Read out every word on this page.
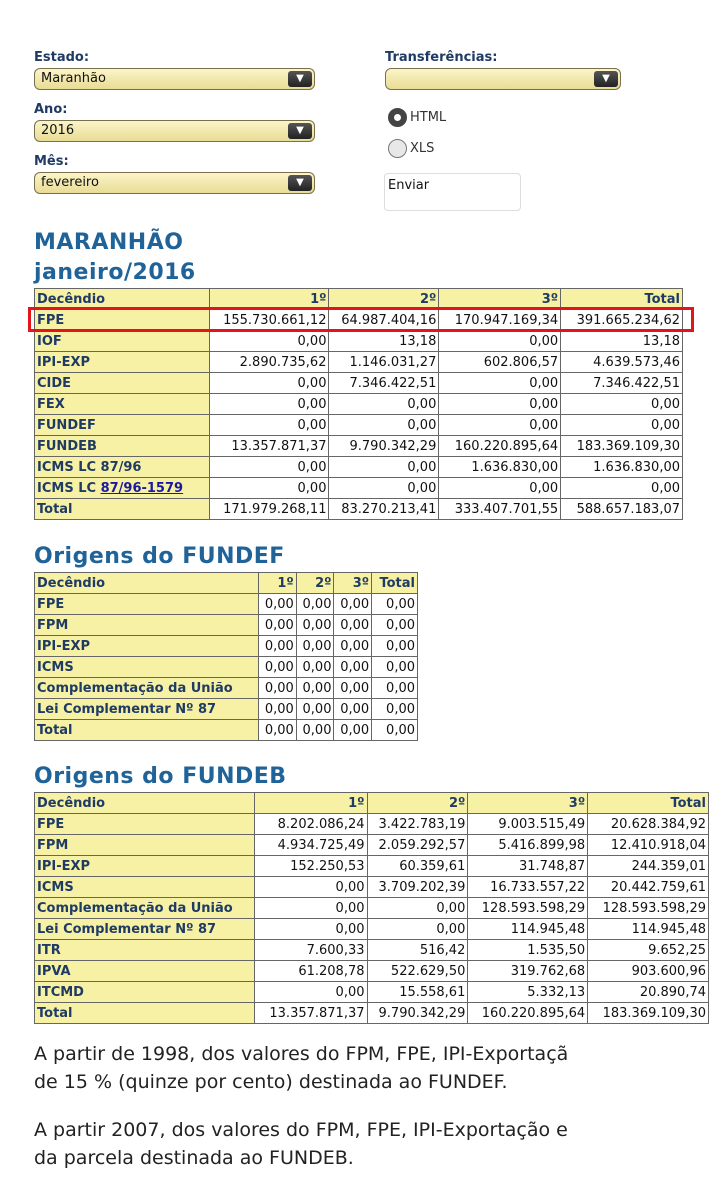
Estado:
Maranhão	▼
Ano:
2016	▼
Mês:
fevereiro	▼
Transferências:
▼
HTML
XLS
Enviar
MARANHÃO
janeiro/2016
Decêndio	1º	2º	3º	Total
FPE	155.730.661,12	64.987.404,16	170.947.169,34	391.665.234,62
IOF	0,00	13,18	0,00	13,18
IPI-EXP	2.890.735,62	1.146.031,27	602.806,57	4.639.573,46
CIDE	0,00	7.346.422,51	0,00	7.346.422,51
FEX	0,00	0,00	0,00	0,00
FUNDEF	0,00	0,00	0,00	0,00
FUNDEB	13.357.871,37	9.790.342,29	160.220.895,64	183.369.109,30
ICMS LC 87/96	0,00	0,00	1.636.830,00	1.636.830,00
ICMS LC 87/96-1579	0,00	0,00	0,00	0,00
Total	171.979.268,11	83.270.213,41	333.407.701,55	588.657.183,07
Origens do FUNDEF
Decêndio	1º	2º	3º	Total
FPE	0,00	0,00	0,00	0,00
FPM	0,00	0,00	0,00	0,00
IPI-EXP	0,00	0,00	0,00	0,00
ICMS	0,00	0,00	0,00	0,00
Complementação da União	0,00	0,00	0,00	0,00
Lei Complementar Nº 87	0,00	0,00	0,00	0,00
Total	0,00	0,00	0,00	0,00
Origens do FUNDEB
Decêndio	1º	2º	3º	Total
FPE	8.202.086,24	3.422.783,19	9.003.515,49	20.628.384,92
FPM	4.934.725,49	2.059.292,57	5.416.899,98	12.410.918,04
IPI-EXP	152.250,53	60.359,61	31.748,87	244.359,01
ICMS	0,00	3.709.202,39	16.733.557,22	20.442.759,61
Complementação da União	0,00	0,00	128.593.598,29	128.593.598,29
Lei Complementar Nº 87	0,00	0,00	114.945,48	114.945,48
ITR	7.600,33	516,42	1.535,50	9.652,25
IPVA	61.208,78	522.629,50	319.762,68	903.600,96
ITCMD	0,00	15.558,61	5.332,13	20.890,74
Total	13.357.871,37	9.790.342,29	160.220.895,64	183.369.109,30
A partir de 1998, dos valores do FPM, FPE, IPI-Exportaçã
de 15 % (quinze por cento) destinada ao FUNDEF.
A partir 2007, dos valores do FPM, FPE, IPI-Exportação e
da parcela destinada ao FUNDEB.
